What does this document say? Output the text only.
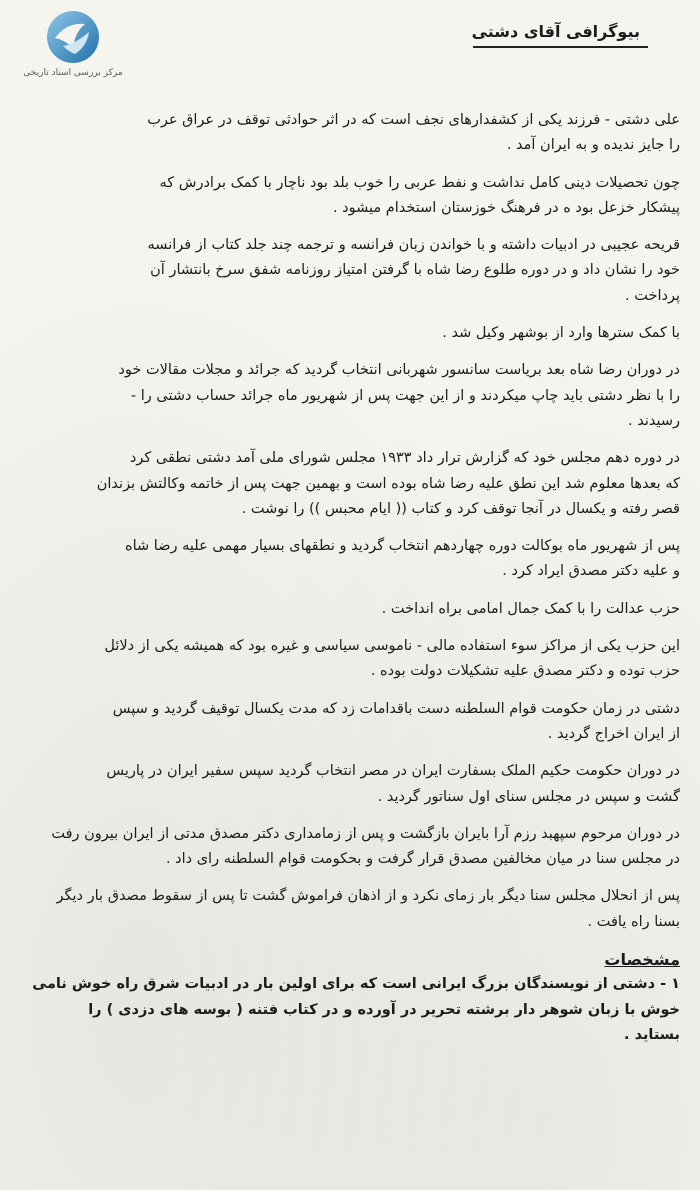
مرکز بررسی اسناد تاریخی
بیوگرافی آقای دشتی
علی دشتی - فرزند یکی از کشفدارهای نجف است که در اثر حوادثی توقف در عراق عرب
را جایز ندیده و به ایران آمد .
چون تحصیلات دینی کامل نداشت و نفط عربی را خوب بلد بود ناچار با کمک برادرش که
پیشکار خزعل بود ه در فرهنگ خوزستان استخدام میشود .
قریحه عجیبی در ادبیات داشته و با خواندن زبان فرانسه و ترجمه چند جلد کتاب از فرانسه
خود را نشان داد و در دوره طلوع رضا شاه با گرفتن امتیاز روزنامه شفق سرخ بانتشار آن
پرداخت .
با کمک سترها وارد از بوشهر وکیل شد .
در دوران رضا شاه بعد بریاست سانسور شهربانی انتخاب گردید که جرائد و مجلات مقالات خود
را با نظر دشتی باید چاپ میکردند و از این جهت پس از شهریور ماه جرائد حساب دشتی را -
رسیدند .
در دوره دهم مجلس خود که گزارش ترار داد ۱۹۳۳ مجلس شورای ملی آمد دشتی نطقی کرد
که بعدها معلوم شد این نطق علیه رضا شاه بوده است و بهمین جهت پس از خاتمه وکالتش بزندان
قصر رفته و یکسال در آنجا توقف کرد و کتاب (( ایام محبس )) را نوشت .
پس از شهریور ماه بوکالت دوره چهاردهم انتخاب گردید و نطقهای بسیار مهمی علیه رضا شاه
و علیه دکتر مصدق ایراد کرد .
حزب عدالت را با کمک جمال امامی براه انداخت .
این حزب یکی از مراکز سوء استفاده مالی - ناموسی سیاسی و غیره بود که همیشه یکی از دلائل
حزب توده و دکتر مصدق علیه تشکیلات دولت بوده .
دشتی در زمان حکومت قوام السلطنه دست باقدامات زد که مدت یکسال توقیف گردید و سپس
از ایران اخراج گردید .
در دوران حکومت حکیم الملک بسفارت ایران در مصر انتخاب گردید سپس سفیر ایران در پاریس
گشت و سپس در مجلس سنای اول سناتور گردید .
در دوران مرحوم سپهبد رزم آرا بایران بازگشت و پس از زمامداری دکتر مصدق مدتی از ایران بیرون رفت
در مجلس سنا در میان مخالفین مصدق قرار گرفت و بحکومت قوام السلطنه رای داد .
پس از انحلال مجلس سنا دیگر بار زمای نکرد و از اذهان فراموش گشت تا پس از سقوط مصدق بار دیگر
بسنا راه یافت .
مشخصات
۱ - دشتی از نویسندگان بزرگ ایرانی است که برای اولین بار در ادبیات شرق راه خوش نامی
خوش با زبان شوهر دار برشته تحریر در آورده و در کتاب فتنه ( بوسه های دزدی ) را
بستاید .
